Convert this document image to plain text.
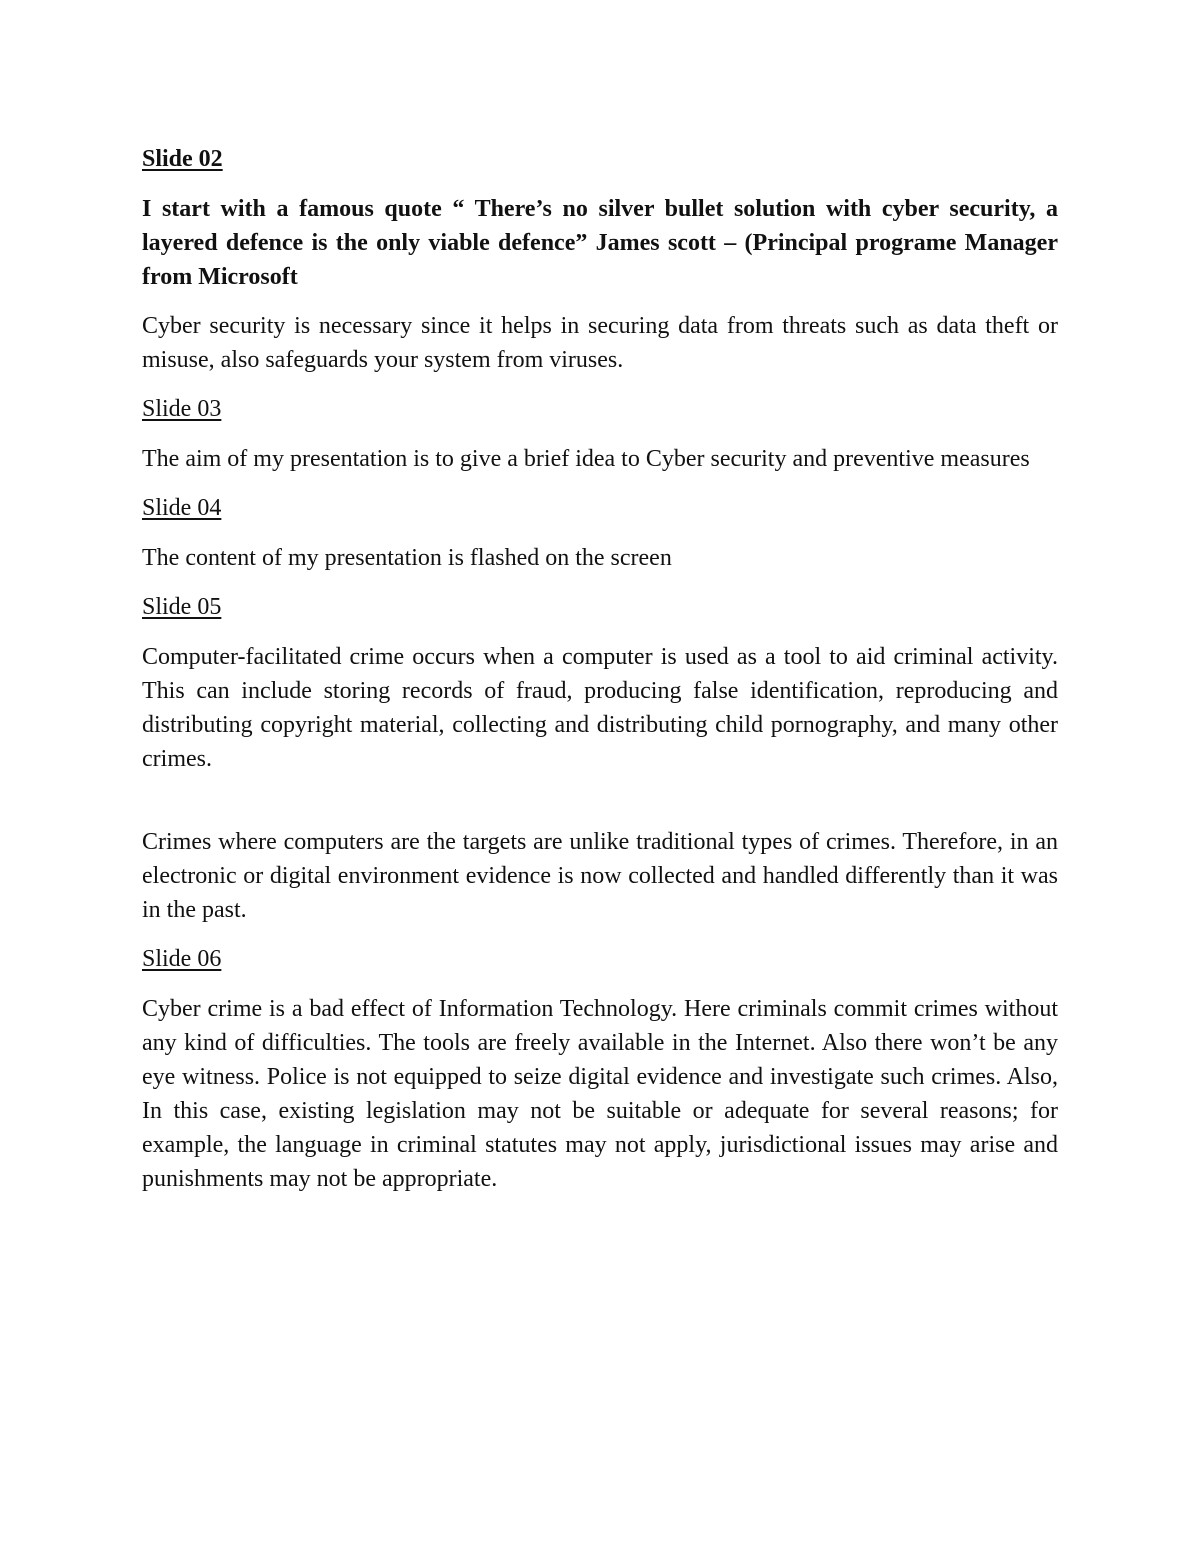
Slide 02

I start with a famous quote “ There’s no silver bullet solution with cyber security, a layered defence is the only viable defence” James scott – (Principal programe Manager from Microsoft

Cyber security is necessary since it helps in securing data from threats such as data theft or misuse, also safeguards your system from viruses.

Slide 03

The aim of my presentation is to give a brief idea to Cyber security and preventive measures

Slide 04

The content of my presentation is flashed on the screen

Slide 05

Computer-facilitated crime occurs when a computer is used as a tool to aid criminal activity. This can include storing records of fraud, producing false identification, reproducing and distributing copyright material, collecting and distributing child pornography, and many other crimes.

Crimes where computers are the targets are unlike traditional types of crimes. Therefore, in an electronic or digital environment evidence is now collected and handled differently than it was in the past.

Slide 06

Cyber crime is a bad effect of Information Technology. Here criminals commit crimes without any kind of difficulties. The tools are freely available in the Internet. Also there won’t be any eye witness. Police is not equipped to seize digital evidence and investigate such crimes. Also, In this case, existing legislation may not be suitable or adequate for several reasons; for example, the language in criminal statutes may not apply, jurisdictional issues may arise and punishments may not be appropriate.
